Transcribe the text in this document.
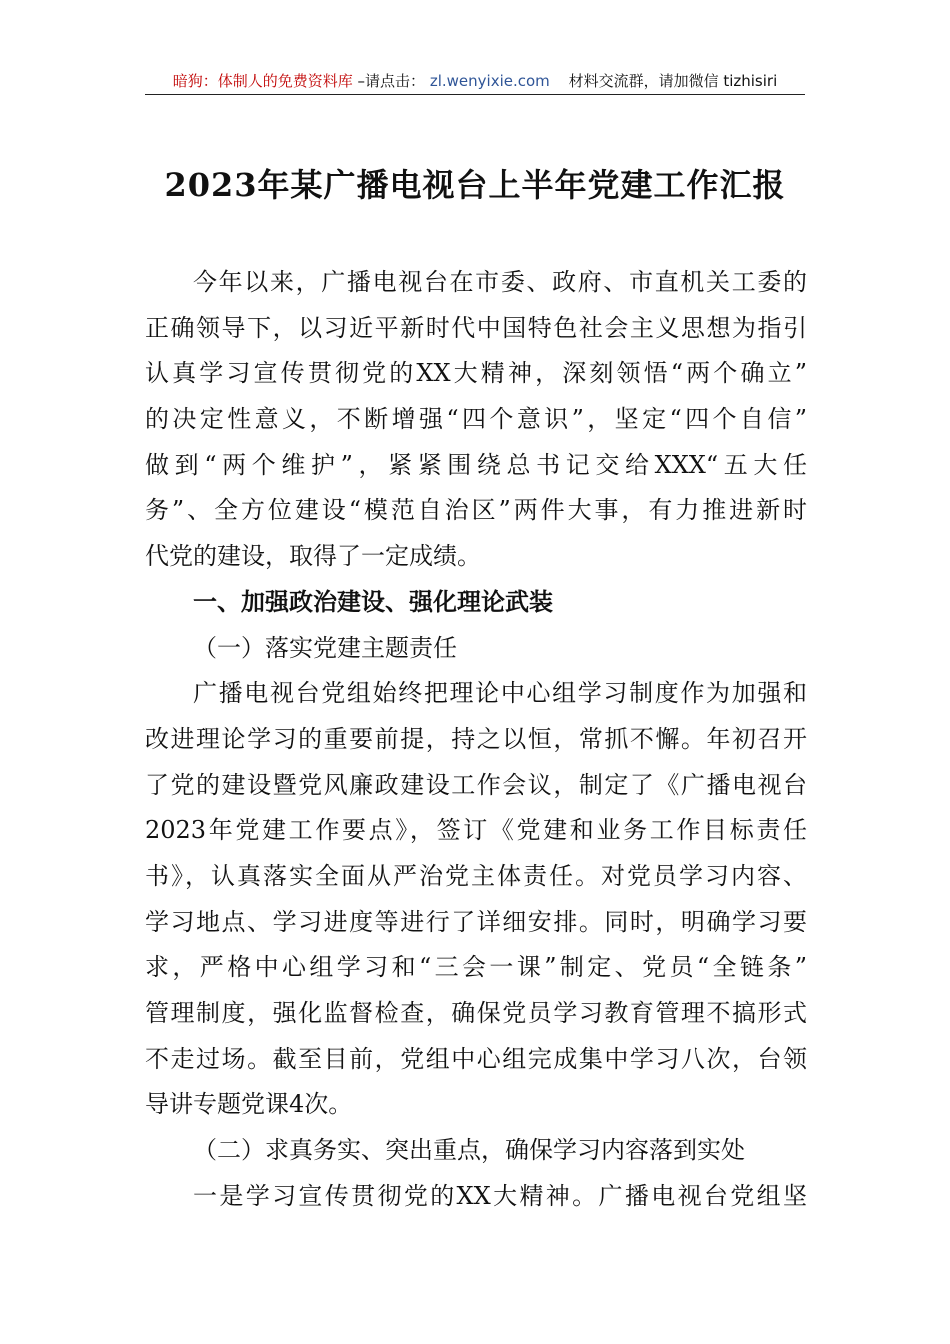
暗狗：体制人的免费资料库 –请点击： zl.wenyixie.com 材料交流群，请加微信 tizhisiri
2023年某广播电视台上半年党建工作汇报
今年以来，广播电视台在市委、政府、市直机关工委的
正确领导下，以习近平新时代中国特色社会主义思想为指引
认真学习宣传贯彻党的XX大精神，深刻领悟“两个确立”
的决定性意义，不断增强“四个意识”，坚定“四个自信”
做到“两个维护”，紧紧围绕总书记交给XXX“五大任
务”、全方位建设“模范自治区”两件大事，有力推进新时
代党的建设，取得了一定成绩。
一、加强政治建设、强化理论武装
（一）落实党建主题责任
广播电视台党组始终把理论中心组学习制度作为加强和
改进理论学习的重要前提，持之以恒，常抓不懈。年初召开
了党的建设暨党风廉政建设工作会议，制定了《广播电视台
2023年党建工作要点》，签订《党建和业务工作目标责任
书》，认真落实全面从严治党主体责任。对党员学习内容、
学习地点、学习进度等进行了详细安排。同时，明确学习要
求，严格中心组学习和“三会一课”制定、党员“全链条”
管理制度，强化监督检查，确保党员学习教育管理不搞形式
不走过场。截至目前，党组中心组完成集中学习八次，台领
导讲专题党课4次。
（二）求真务实、突出重点，确保学习内容落到实处
一是学习宣传贯彻党的XX大精神。广播电视台党组坚
